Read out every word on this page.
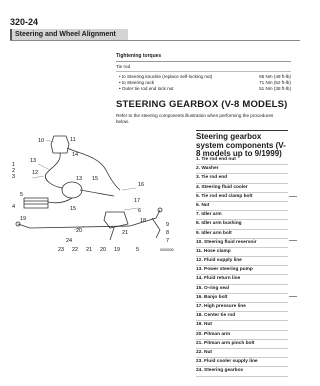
320-24
Steering and Wheel Alignment
Tightening torques
Tie rod
• to Steering knuckle (replace self-locking nut)	65 Nm (48 ft-lb)
• to Steering rack	71 Nm (52 ft-lb)
• Outer tie rod end lock nut	51 Nm (38 ft-lb)
STEERING GEARBOX (V-8 MODELS)
Refer to the steering components illustration when performing the procedures below.
10	11
14
13
12
1
2
3
16
13 15
17
5
6
4	15
18
19
20	21
9
8
7
24
23 22 21 20 19	5	0000000
Steering gearbox system components (V-8 models up to 9/1999)
1. Tie rod end nut
2. Washer
3. Tie rod end
4. Steering fluid cooler
5. Tie rod end clamp bolt
6. Nut
7. Idler arm
8. Idler arm bushing
9. Idler arm bolt
10. Steering fluid reservoir
11. Hose clamp
12. Fluid supply line
13. Power steering pump
14. Fluid return line
15. O-ring seal
16. Banjo bolt
17. High pressure line
18. Center tie rod
19. Nut
20. Pitman arm
21. Pitman arm pinch bolt
22. Nut
23. Fluid cooler supply line
24. Steering gearbox
